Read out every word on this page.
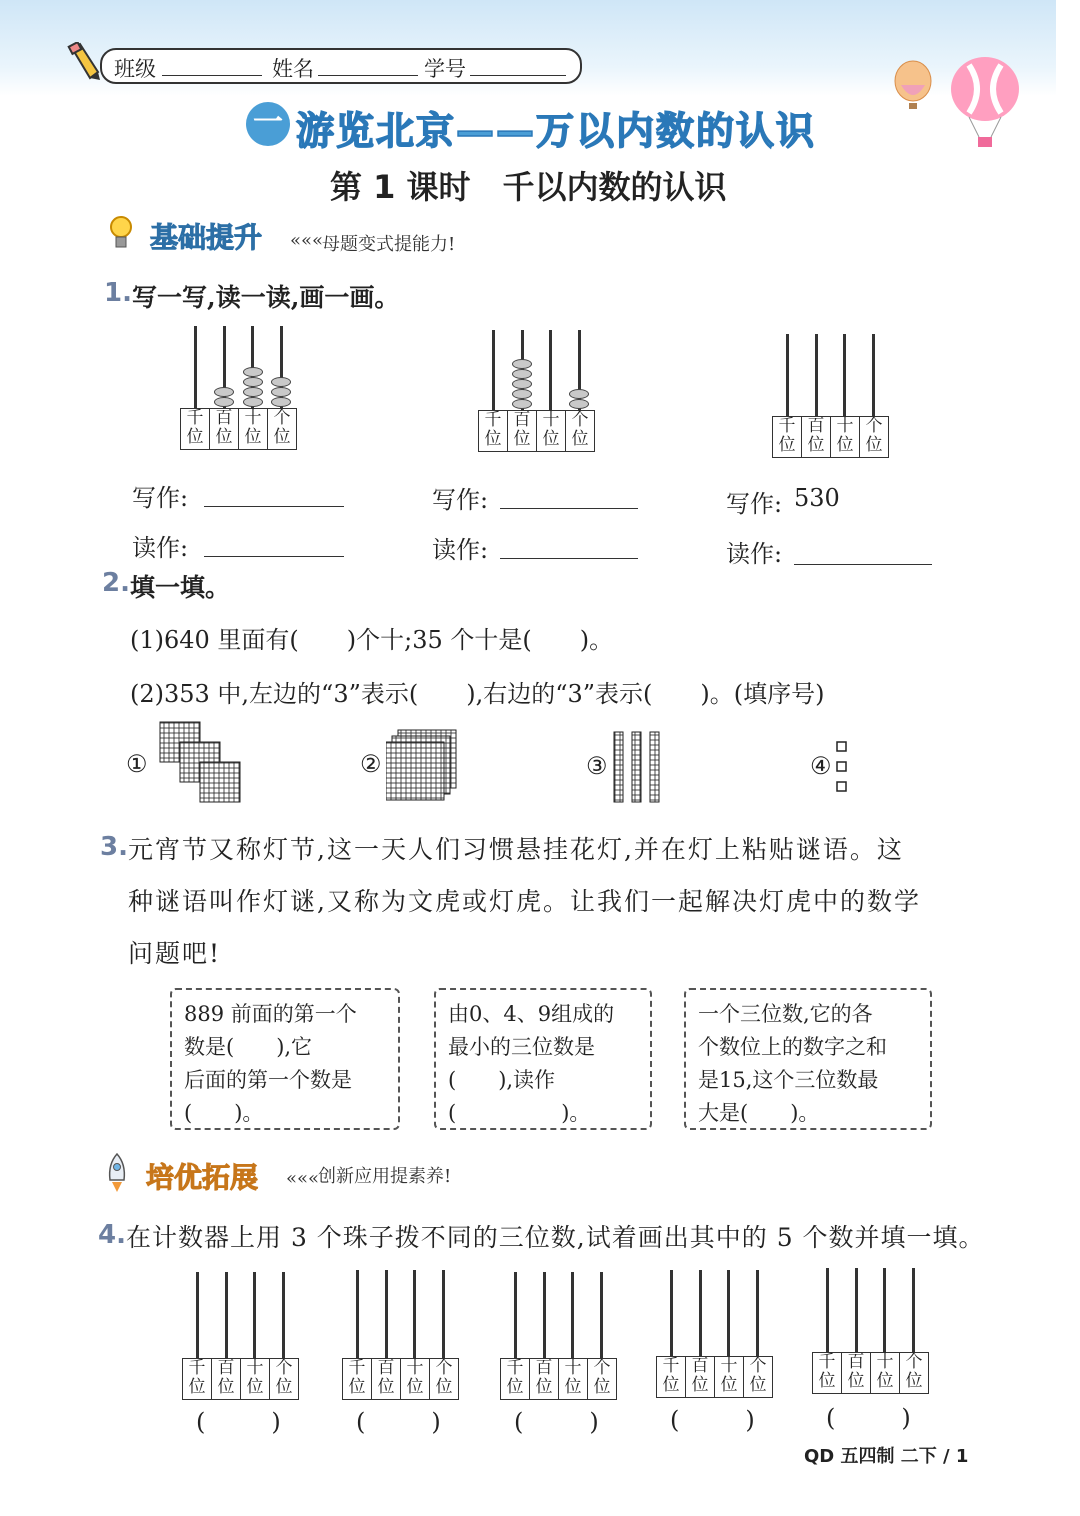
班级	姓名	学号
一 游览北京——万以内数的认识
第 1 课时　千以内数的认识
基础提升 «««
母题变式提能力!
1. 写一写,读一读,画一画。
千
位
百
位
十
位
个
位
千
位
百
位
十
位
个
位
千
位
百
位
十
位
个
位
写作:
读作:
写作:
读作:
写作: 530
读作:
2. 填一填。
(1)640 里面有(　　)个十;35 个十是(　　)。
(2)353 中,左边的“3”表示(　　),右边的“3”表示(　　)。(填序号)
①	②	③	④
3. 元宵节又称灯节,这一天人们习惯悬挂花灯,并在灯上粘贴谜语。这
种谜语叫作灯谜,又称为文虎或灯虎。让我们一起解决灯虎中的数学
问题吧!
889 前面的第一个
数是(　　),它
后面的第一个数是
(　　)。
由0、4、9组成的
最小的三位数是
(　　),读作
(　　　　　)。
一个三位数,它的各
个数位上的数字之和
是15,这个三位数最
大是(　　)。
培优拓展 «««
创新应用提素养!
4. 在计数器上用 3 个珠子拨不同的三位数,试着画出其中的 5 个数并填一填。
千
位
百
位
十
位
个
位
千
位
百
位
十
位
个
位
千
位
百
位
十
位
个
位
千
位
百
位
十
位
个
位
千
位
百
位
十
位
个
位
(　　)	(　　)	(　　)	(　　)	(　　)
QD 五四制 二下 / 1
